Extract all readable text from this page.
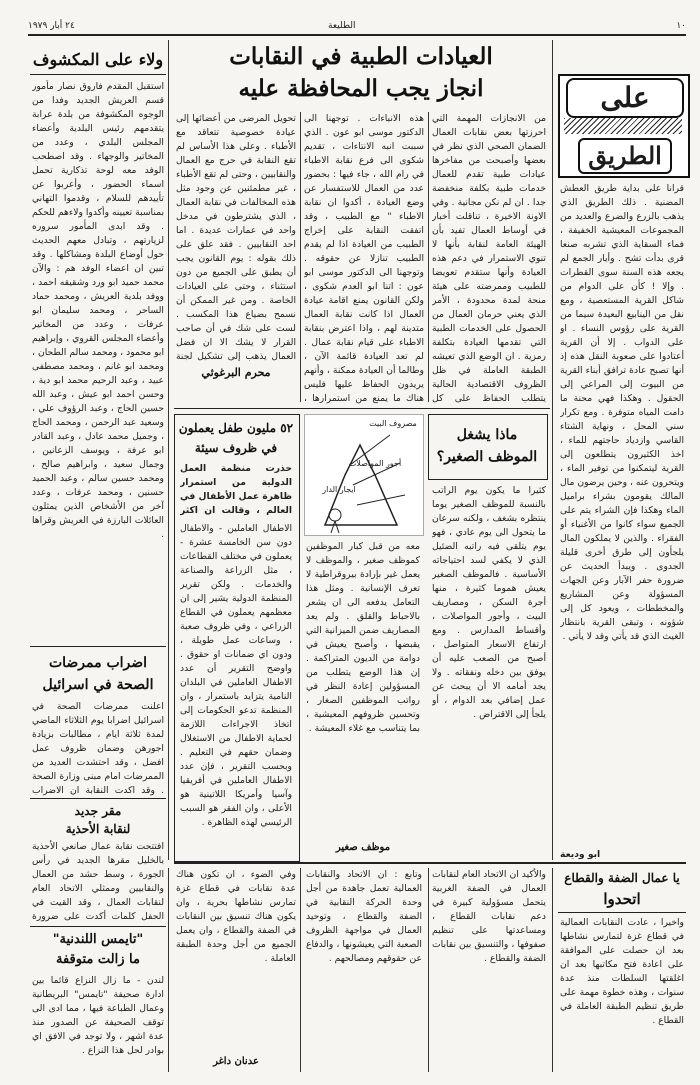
١٠
الطليعة
٢٤ أبار ١٩٧٩
على
الطريق
قرانا على بداية طريق العطش المضنية . ذلك الطريق الذي يذهب بالزرع والضرع والعديد من المجموعات المعيشية الخفيفة ، فماء السقاية الذي تشربه صنعا قرى بدأت تشح . وأيار الجمع لم يجعه هذه السنة سوى القطرات . وإلا ! كأن على الدوام من شاكل القرية المستعصية ، ومع نقل من الينابيع البعيدة سيما من القرية على رؤوس النساء . او على الدواب . إلا أن القرية أعتادوا على صعوبة النقل هذه إذ أنها تصبح عادة ترافق أبناء القرية من البيوت إلى المراعي إلى الحقول . وهكذا فهي محنة ما دامت المياه متوفرة . ومع تكرار سني المحل ، ونهاية الشتاء القاسي وازدياد حاجتهم للماء ، اخذ الكثيرون يتطلعون إلى القرية ليتمكنوا من توفير الماء ، ويتحرون عنه ، وحين يرضون مال المالك يقومون بشراء براميل الماء وهكذا فإن الشراء يتم على الجميع سواء كانوا من الأغنياء أو الفقراء . والذين لا يملكون المال يلجأون إلى طرق أخرى قليلة الجدوى . ويبدأ الحديث عن ضرورة حفر الآبار وعن الجهات المسؤولة وعن المشاريع والمخططات ، ويعود كل إلى شؤونه ، وتبقى القرية بانتظار الغيث الذي قد يأتي وقد لا يأتي .
ابو وديعة
العيادات الطبية في النقابات
انجاز يجب المحافظة عليه
من الانجازات المهمة التي احرزتها بعض نقابات العمال الضمان الصحي الذي نظر في بعضها وأصبحت من مفاخرها عيادات طبية تقدم للعمال خدمات طبية بكلفة منخفضة جدا . ان لم نكن مجانية . وفي الاونة الاخيرة ، تناقلت أخبار في أوساط العمال تفيد بأن الهيئة العامة لنقابة بأنها لا تنوي الاستمرار في دعم هذه العيادة وأنها ستقدم تعويضا للطبيب وممرضته على هيئة منحة لمدة محدودة ، الأمر الذي يعني حرمان العمال من الحصول على الخدمات الطبية التي تقدمها العيادة بتكلفة رمزية . ان الوضع الذي تعيشه الطبقة العاملة في ظل الظروف الاقتصادية الحالية يتطلب الحفاظ على كل
هذه الانباءات . توجهنا الى الدكتور موسى ابو عون . الذي سببت انبه الانتاءات ، تقديم شكوى الى فرع نقابة الاطباء في رام الله ، جاء فيها : بحضور عدد من العمال للاستفسار عن وضع العيادة ، أكدوا ان نقابة الاطباء " مع الطبيب ، وقد اتفقت النقابة على إخراج الطبيب من العيادة اذا لم يقدم الطبيب تنازلا عن حقوقه . وتوجهنا الى الدكتور موسى ابو عون : اتنا ابو العدم شكوى ، ولكن القانون يمنع اقامة عيادة العمال اذا كانت نقابة العمال متدينة لهم ، واذا اعترض بنقابة الاطباء على قيام نقابة عمال . لم تعد العيادة قائمة الآن ، وطالما أن العيادة ممكنة ، وأنهم يريدون الحفاظ عليها فليس هناك ما يمنع من استمرارها ،
تحويل المرضى من أعضائها إلى عيادة خصوصية تتعاقد مع الأطباء . وعلى هذا الأساس لم تقع النقابة في حرج مع العمال والنقابيين ، وحتى لم تقع الأطباء ، غير مطمئنين عن وجود مثل هذه المخالفات في نقابة العمال ، الذي يشترطون في مدخل واحد في عمارات عديدة . اما احد النقابيين . فقد علق على ذلك بقوله : يوم القانون يجب أن يطبق على الجميع من دون استثناء ، وحتى على العيادات الخاصة . ومن غير الممكن أن نسمح بضياع هذا المكسب . لست على شك في أن صاحب القرار لا يشك الا ان فضل العمال يذهب إلى تشكيل لجنة
محرم البرغوثي
ولاء على المكشوف
استقبل المقدم فاروق نصار مأمور قسم العريش الجديد وفدا من الوجوه المكشوفة من بلدة عرابة يتقدمهم رئيس البلدية وأعضاء المجلس البلدي ، وعدد من المخاتير والوجهاء . وقد اصطحب الوفد معه لوحة تذكارية تحمل اسماء الحضور ، وأعربوا عن تأييدهم للسلام ، وقدموا التهاني بمناسبة تعيينه وأكدوا ولاءهم للحكم . وقد ابدى المأمور سروره لزيارتهم ، وتبادل معهم الحديث حول أوضاع البلدة ومشاكلها . وقد تبين ان اعضاء الوفد هم : والآن محمد حميد ابو ورد وشقيقه احمد ، ووفد بلدية العريش ، ومحمد حماد الساحر ، ومحمد سليمان ابو عرفات ، وعدد من المخاتير وأعضاء المجلس القروي ، وإبراهيم ابو محمود ، ومحمد سالم الطحان ، ومحمد ابو غانم ، ومحمد مصطفى عبيد ، وعبد الرحيم محمد ابو دية ، وحسن احمد ابو عيش ، وعبد الله حسين الحاج ، وعبد الرؤوف علي ، وسعيد عبد الرحمن ، ومحمد الحاج ، وجميل محمد عادل ، وعبد القادر ابو عرفة ، ويوسف الزعانين ، وجمال سعيد ، وابراهيم صالح ، ومحمد حسين سالم ، وعبد الحميد حسنين ، ومحمد عرفات ، وعدد آخر من الأشخاص الذين يمثلون العائلات البارزة في العريش وقراها .
اضراب ممرضات
الصحة في اسرائيل
اعلنت ممرضات الصحة في اسرائيل اضرابا يوم الثلاثاء الماضي لمدة ثلاثة ايام ، مطالبات بزيادة اجورهن وضمان ظروف عمل افضل ، وقد احتشدت العديد من الممرضات امام مبنى وزارة الصحة . وقد اكدت النقابة ان الاضراب
مقر جديد
لنقابة الأحذية
افتتحت نقابة عمال صانعي الأحذية بالخليل مقرها الجديد في رأس الجورة ، وسط حشد من العمال والنقابيين وممثلي الاتحاد العام لنقابات العمال ، وقد القيت في الحفل كلمات أكدت على ضرورة
"تايمس اللندنية"
ما زالت متوقفة
لندن - ما زال النزاع قائما بين ادارة صحيفة "تايمس" البريطانية وعمال الطباعة فيها ، مما ادى الى توقف الصحيفة عن الصدور منذ عدة اشهر ، ولا توجد في الافق اي بوادر لحل هذا النزاع .
٥٢ مليون طفل يعملون
في ظروف سيئة
حذرت منظمة العمل الدولية من استمرار ظاهرة عمل الأطفال في العالم ، وقالت ان اكثر
الاطفال العاملين - والاطفال دون سن الخامسة عشرة - يعملون في مختلف القطاعات ، مثل الزراعة والصناعة والخدمات . ولكن تقرير المنظمة الدولية يشير إلى ان معظمهم يعملون في القطاع الزراعي ، وفي ظروف صعبة ، وساعات عمل طويلة ، ودون اي ضمانات او حقوق . واوضح التقرير أن عدد الاطفال العاملين في البلدان النامية يتزايد باستمرار ، وان المنظمة تدعو الحكومات إلى اتخاذ الاجراءات اللازمة لحماية الاطفال من الاستغلال وضمان حقهم في التعليم . وبحسب التقرير ، فإن عدد الاطفال العاملين في أفريقيا وآسيا وأمريكا اللاتينية هو الأعلى ، وان الفقر هو السبب الرئيسي لهذه الظاهرة .
مصروف البيت
أجور المواصلات
ايجار الدار
ماذا يشغل
الموظف الصغير؟
كثيرا ما يكون يوم الراتب بالنسبة للموظف الصغير يوما ينتظره بشغف ، ولكنه سرعان ما يتحول الى يوم عادي ، فهو يوم يتلقى فيه راتبه الضئيل الذي لا يكفي لسد احتياجاته الأساسية . فالموظف الصغير يعيش هموما كثيرة ، منها أجرة السكن ، ومصاريف البيت ، وأجور المواصلات ، وأقساط المدارس . ومع ارتفاع الاسعار المتواصل ، أصبح من الصعب عليه أن يوفق بين دخله ونفقاته . ولا يجد أمامه الا أن يبحث عن عمل إضافي بعد الدوام ، أو يلجأ إلى الاقتراض .
معه من قبل كبار الموظفين كموظف صغير ، والموظف لا يعمل غير بإرادة بيروقراطية لا تعرف الإنسانية . ومثل هذا التعامل يدفعه الى ان يشعر بالاحباط والقلق . ولم يعد المصاريف ضمن الميزانية التي يقبضها ، وأصبح يعيش في دوامة من الديون المتراكمة . إن هذا الوضع يتطلب من المسؤولين إعادة النظر في رواتب الموظفين الصغار ، وتحسين ظروفهم المعيشية ، بما يتناسب مع غلاء المعيشة .
موظف صغير
يا عمال الضفة والقطاع
اتحدوا
واخيرا ، عادت النقابات العمالية في قطاع غزة لتمارس نشاطها بعد ان حصلت على الموافقة على اعادة فتح مكاتبها بعد ان اغلقتها السلطات منذ عدة سنوات ، وهذه خطوة مهمة على طريق تنظيم الطبقة العاملة في القطاع .
والأكيد ان الاتحاد العام لنقابات العمال في الضفة الغربية يتحمل مسؤولية كبيرة في دعم نقابات القطاع ، ومساعدتها على تنظيم صفوفها ، والتنسيق بين نقابات الضفة والقطاع .
وتابع : ان الاتحاد والنقابات العمالية تعمل جاهدة من أجل وحدة الحركة النقابية في الضفة والقطاع ، وتوحيد العمال في مواجهة الظروف الصعبة التي يعيشونها ، والدفاع عن حقوقهم ومصالحهم .
وفي الضوء ، ان تكون هناك عدة نقابات في قطاع غزة تمارس نشاطها بحرية ، وان يكون هناك تنسيق بين النقابات في الضفة والقطاع ، وان يعمل الجميع من أجل وحدة الطبقة العاملة .
عدنان داغر
